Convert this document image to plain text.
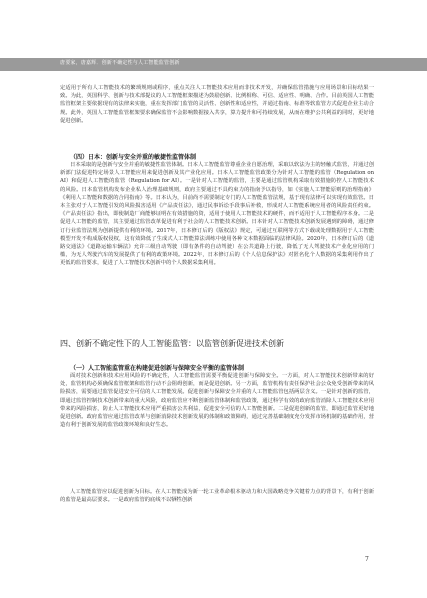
唐要家，唐嘉辉．创新不确定性与人工智能监管创新

定适用于所有人工智能技术的繁琐规则或程序，重点关注人工智能技术应用而非技术开发，并确保监管措施与应用场景和目标结果一致。为此，英国科学、创新与技术部提议的人工智能框架描述为鼓励创新、比例相称、可信、适应性、明确、合作。目前英国人工智能监管框架主要依据现有的法律来实施，重在发挥部门监管的灵活性、创新性和适应性，并通过指南、标准等软监管方式促进企业主动合规。此外，英国人工智能监管框架要求确保监管不会影响数据接入共享，算力提升和可持续发展，从而在维护公共利益的同时，更好地促进创新。

（四）日本：创新与安全并重的敏捷性监管体制

日本采取的是创新与安全并重的敏捷性监管体制。日本人工智能监管尊重企业自愿治理，采取以软法为主的轻触式监管，并通过创新部门法促进特定场景人工智能应用来促进创新及其产业化应用。日本人工智能监管政策分为针对人工智能的监管（Regulation on AI）和促进人工智能的监管（Regulation for AI）。一是针对人工智能的监管，主要是通过监管机构采取有效措施防控人工智能技术的风险。日本监管机构发布企业私人治理基础规则，政府主要通过不具约束力的指南予以指导，如《实施人工智能原则的治理指南》《利用人工智能和数据的合同指南》等。日本认为，目前尚不需要制定专门的人工智能监管法规，基于现有法律可以实现有效监管。日本主张对于人工智能引发的风险损害适用《产品责任法》，通过民事诉讼手段事后补救，形成对人工智能系统应用者的风险责任约束。《产品责任法》指出，即使制造厂商能够证明在有效措施的资，适用于使用人工智能技术的硬件，而不适用于人工智能程序本身。二是促进人工智能的监管，其主要通过监管改革促进有利于社会的人工智能技术创新。日本针对人工智能技术创新发展遇到的障碍，通过修订行业监管法规为创新提供有利的环境。2017年，日本修订后的《版权法》规定，可通过互联网等方式下载或处理数据用于人工智能模型开发不构成版权侵权，这有效降低了生成式人工智能算法训练中使用各种文本数据面临的法律风险。2020年，日本修订后的《道路交通法》《道路运输车辆法》允许三级自动驾驶（即有条件的自动驾驶）在公共道路上行驶，降低了无人驾驶技术产业化应用的门槛，为无人驾驶汽车的发展提供了有利的政策环境。2022年，日本修订后的《个人信息保护法》对匿名化个人数据的采集利用作出了更低的监管要求，促进了人工智能技术创新中的个人数据采集利用。

四、创新不确定性下的人工智能监管：以监管创新促进技术创新
（一）人工智能监管重在构建促进创新与保障安全平衡的监管体制

面对技术创新和技术应用风险的不确定性，人工智能监管需要平衡促进创新与保障安全。一方面，对人工智能技术创新带来的好处，监管机构必须确保监管框架和监管行动不会阻碍创新，而是促进创新。另一方面，监管机构有责任保护社会公众免受创新带来的风险损害，需要通过监管促进安全可信的人工智能发展。促进创新与保障安全并重的人工智能监管包括两层含义。一是针对创新的监管，即通过监管控制技术创新带来的重大风险，政府监管应不断创新监管体制和监管政策，通过科学有效的政府监管消除人工智能技术应用带来的风险损害，防止人工智能技术应用严重损害公共利益，促进安全可信的人工智能创新。二是促进创新的监管，即通过监管更好地促进创新。政府监管应通过监管改革与创新消除技术创新发展的体制和政策障碍，通过完善基础制度充分发挥市场机制的基础作用，营造有利于创新发展的监管政策环境和良好生态。

人工智能监管应以促进创新为目标。在人工智能成为新一轮工业革命根本驱动力和大国战略竞争关键着力点的背景下，有利于创新的监管是最高层要求。一是政府监管的底线不以牺牲创新

7
